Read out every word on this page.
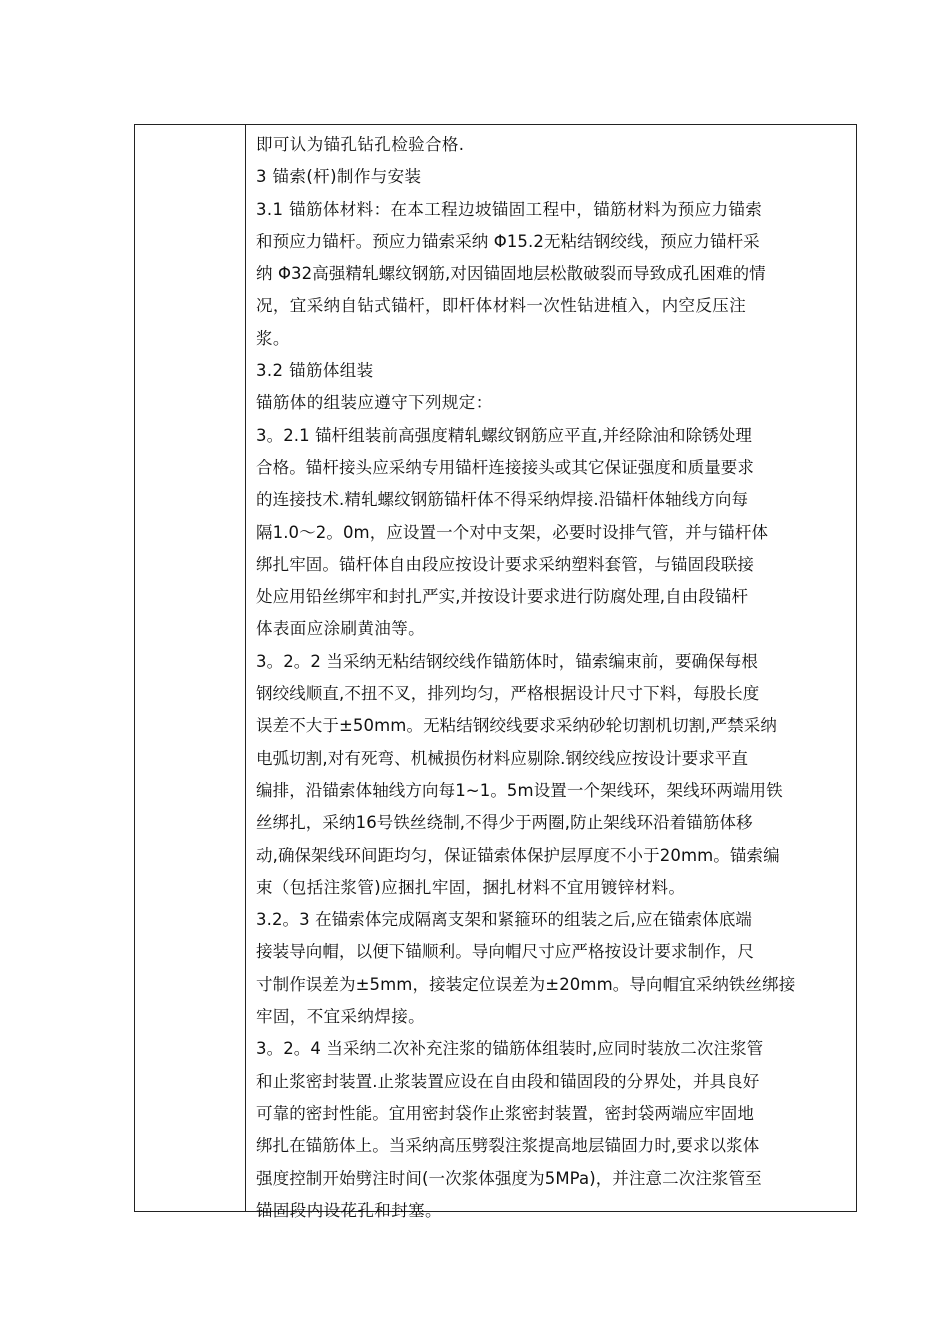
即可认为锚孔钻孔检验合格.
3 锚索(杆)制作与安装
3.1 锚筋体材料：在本工程边坡锚固工程中，锚筋材料为预应力锚索
和预应力锚杆。预应力锚索采纳 Φ15.2无粘结钢绞线，预应力锚杆采
纳 Φ32高强精轧螺纹钢筋,对因锚固地层松散破裂而导致成孔困难的情
况，宜采纳自钻式锚杆，即杆体材料一次性钻进植入，内空反压注
浆。
3.2 锚筋体组装
锚筋体的组装应遵守下列规定：
3。2.1 锚杆组装前高强度精轧螺纹钢筋应平直,并经除油和除锈处理
合格。锚杆接头应采纳专用锚杆连接接头或其它保证强度和质量要求
的连接技术.精轧螺纹钢筋锚杆体不得采纳焊接.沿锚杆体轴线方向每
隔1.0～2。0m，应设置一个对中支架，必要时设排气管，并与锚杆体
绑扎牢固。锚杆体自由段应按设计要求采纳塑料套管，与锚固段联接
处应用铅丝绑牢和封扎严实,并按设计要求进行防腐处理,自由段锚杆
体表面应涂刷黄油等。
3。2。2 当采纳无粘结钢绞线作锚筋体时，锚索编束前，要确保每根
钢绞线顺直,不扭不叉，排列均匀，严格根据设计尺寸下料，每股长度
误差不大于±50mm。无粘结钢绞线要求采纳砂轮切割机切割,严禁采纳
电弧切割,对有死弯、机械损伤材料应剔除.钢绞线应按设计要求平直
编排，沿锚索体轴线方向每1~1。5m设置一个架线环，架线环两端用铁
丝绑扎，采纳16号铁丝绕制,不得少于两圈,防止架线环沿着锚筋体移
动,确保架线环间距均匀，保证锚索体保护层厚度不小于20mm。锚索编
束（包括注浆管)应捆扎牢固，捆扎材料不宜用镀锌材料。
3.2。3 在锚索体完成隔离支架和紧箍环的组装之后,应在锚索体底端
接装导向帽，以便下锚顺利。导向帽尺寸应严格按设计要求制作，尺
寸制作误差为±5mm，接装定位误差为±20mm。导向帽宜采纳铁丝绑接
牢固，不宜采纳焊接。
3。2。4 当采纳二次补充注浆的锚筋体组装时,应同时装放二次注浆管
和止浆密封装置.止浆装置应设在自由段和锚固段的分界处，并具良好
可靠的密封性能。宜用密封袋作止浆密封装置，密封袋两端应牢固地
绑扎在锚筋体上。当采纳高压劈裂注浆提高地层锚固力时,要求以浆体
强度控制开始劈注时间(一次浆体强度为5MPa)，并注意二次注浆管至
锚固段内设花孔和封塞。
